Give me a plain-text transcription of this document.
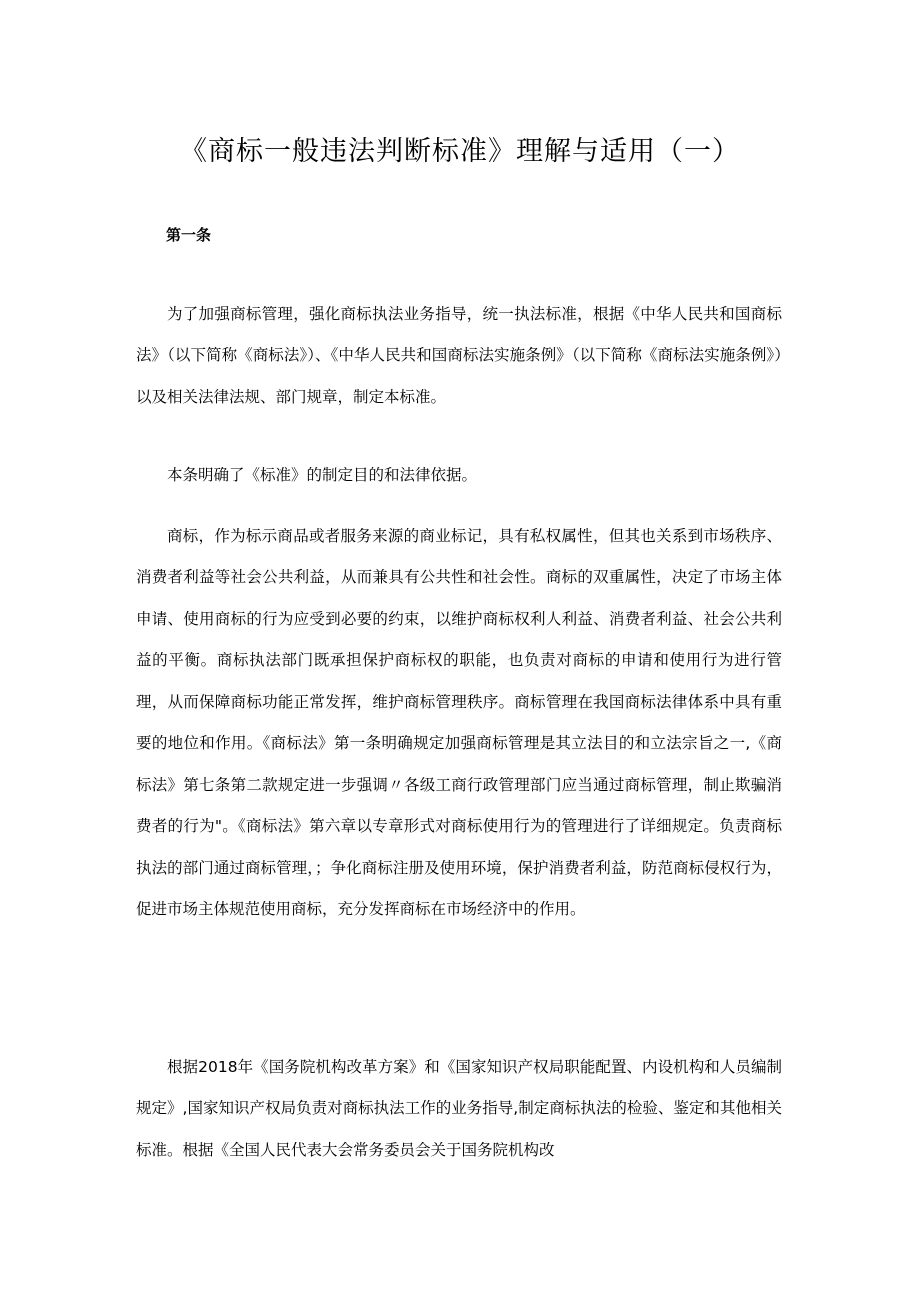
《商标一般违法判断标准》理解与适用（一）
第一条

为了加强商标管理，强化商标执法业务指导，统一执法标准，根据《中华人民共和国商标法》（以下简称《商标法》）、《中华人民共和国商标法实施条例》（以下简称《商标法实施条例》）以及相关法律法规、部门规章，制定本标准。

本条明确了《标准》的制定目的和法律依据。

商标，作为标示商品或者服务来源的商业标记，具有私权属性，但其也关系到市场秩序、消费者利益等社会公共利益，从而兼具有公共性和社会性。商标的双重属性，决定了市场主体申请、使用商标的行为应受到必要的约束，以维护商标权利人利益、消费者利益、社会公共利益的平衡。商标执法部门既承担保护商标权的职能，也负责对商标的申请和使用行为进行管理，从而保障商标功能正常发挥，维护商标管理秩序。商标管理在我国商标法律体系中具有重要的地位和作用。《商标法》第一条明确规定加强商标管理是其立法目的和立法宗旨之一,《商标法》第七条第二款规定进一步强调〃各级工商行政管理部门应当通过商标管理，制止欺骗消费者的行为"。《商标法》第六章以专章形式对商标使用行为的管理进行了详细规定。负责商标执法的部门通过商标管理，；争化商标注册及使用环境，保护消费者利益，防范商标侵权行为，促进市场主体规范使用商标，充分发挥商标在市场经济中的作用。

根据2018年《国务院机构改革方案》和《国家知识产权局职能配置、内设机构和人员编制规定》,国家知识产权局负责对商标执法工作的业务指导,制定商标执法的检验、鉴定和其他相关标准。根据《全国人民代表大会常务委员会关于国务院机构改
